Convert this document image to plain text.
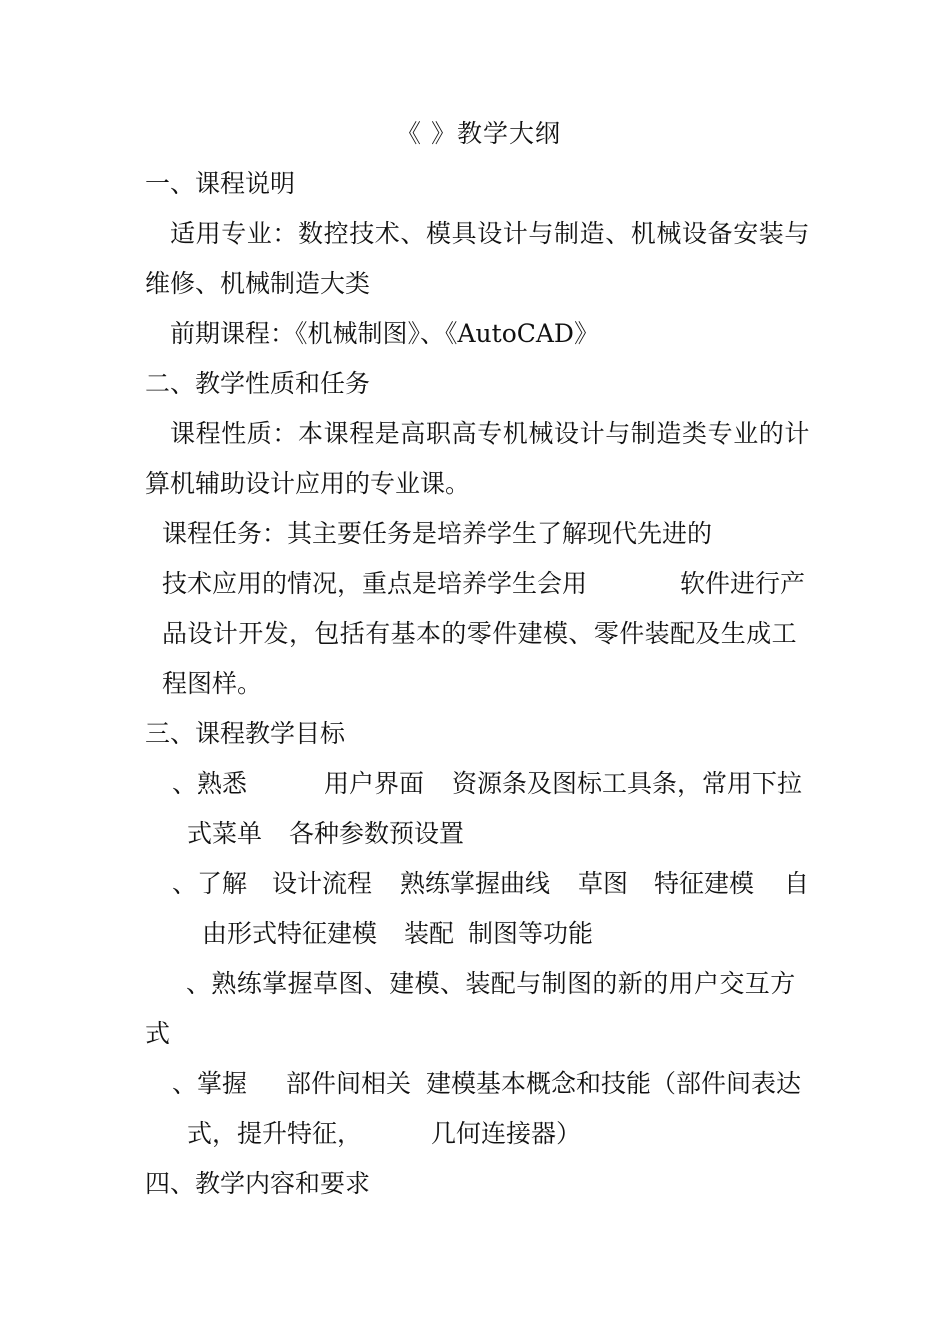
《 》教学大纲
一、课程说明
适用专业：数控技术、模具设计与制造、机械设备安装与
维修、机械制造大类
前期课程：《机械制图》、《AutoCAD》
二、教学性质和任务
课程性质：本课程是高职高专机械设计与制造类专业的计
算机辅助设计应用的专业课。
课程任务：其主要任务是培养学生了解现代先进的
技术应用的情况，重点是培养学生会用	软件进行产
品设计开发，包括有基本的零件建模、零件装配及生成工
程图样。
三、课程教学目标
、熟悉	用户界面 资源条及图标工具条，常用下拉
式菜单 各种参数预设置
、了解 设计流程 熟练掌握曲线 草图 特征建模 自
由形式特征建模 装配 制图等功能
、熟练掌握草图、建模、装配与制图的新的用户交互方
式
、掌握 部件间相关 建模基本概念和技能（部件间表达
式，提升特征，	几何连接器）
四、教学内容和要求
